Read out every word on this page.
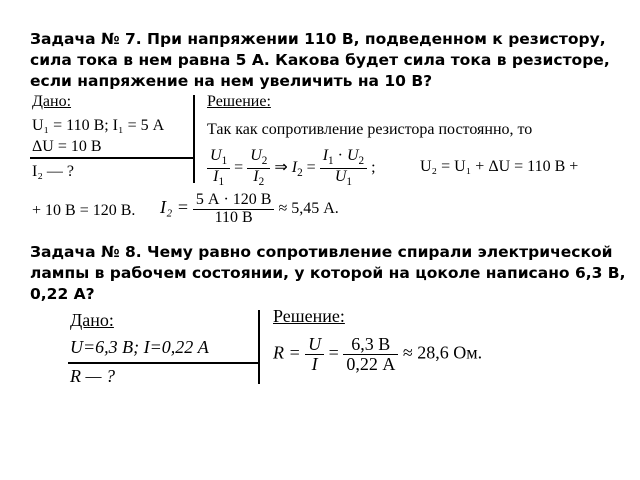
Задача № 7. При напряжении 110 В, подведенном к резистору, сила тока в нем равна 5 А. Какова будет сила тока в резисторе, если напряжение на нем увеличить на 10 В?

Дано:
U₁ = 110 В; I₁ = 5 А
ΔU = 10 В
I₂ — ?
Решение:
Так как сопротивление резистора постоянно, то
$\frac{U_1}{I_1} = \frac{U_2}{I_2}$ ⇒ $I_2 = \frac{I_1 \cdot U_2}{U_1}$ ;	U₂ = U₁ + ΔU = 110 В +
+ 10 В = 120 В. $I_2 = \frac{5 А \cdot 120 В}{110 В} \approx 5,45$ А.

Задача № 8. Чему равно сопротивление спирали электрической лампы в рабочем состоянии, у которой на цоколе написано 6,3 В, 0,22 А?

Дано:
U=6,3 В; I=0,22 А
R — ?
Решение:
$R = \frac{U}{I} = \frac{6,3 В}{0,22 А} \approx 28,6$ Ом.
